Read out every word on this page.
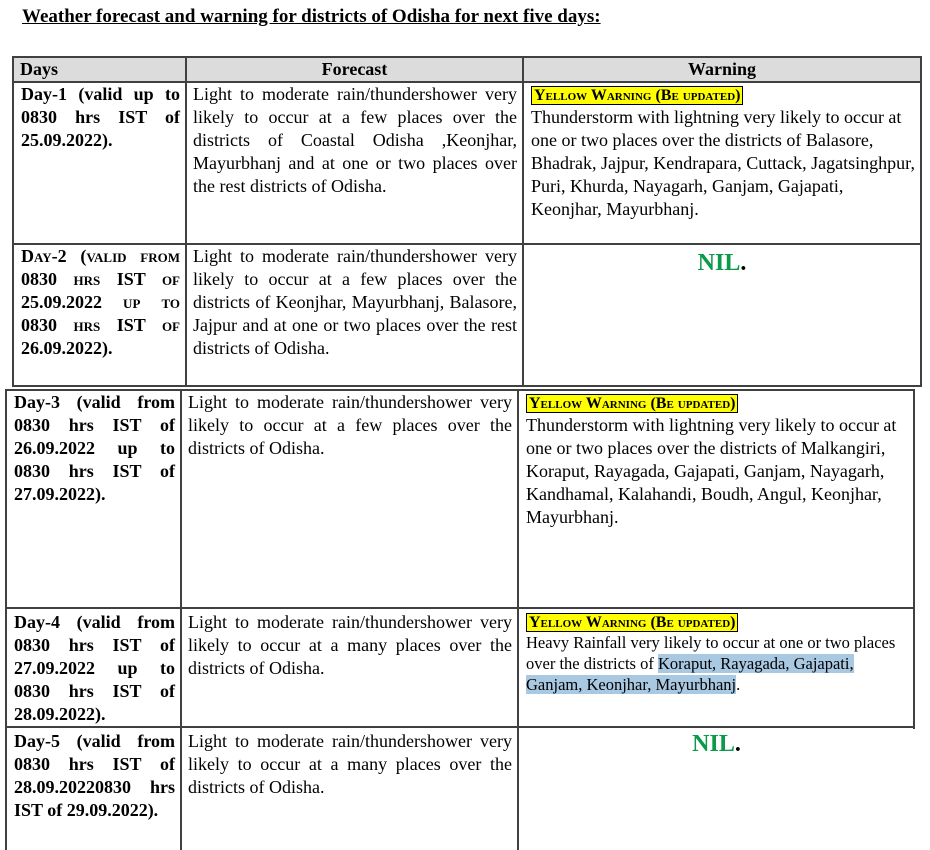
Weather forecast and warning for districts of Odisha for next five days:
Days	Forecast	Warning
Day-1 (valid up to 0830 hrs IST of 25.09.2022).
Light to moderate rain/thundershower very likely to occur at a few places over the districts of Coastal Odisha ,Keonjhar, Mayurbhanj and at one or two places over the rest districts of Odisha.
Yellow Warning (Be updated)
Thunderstorm with lightning very likely to occur at one or two places over the districts of Balasore, Bhadrak, Jajpur, Kendrapara, Cuttack, Jagatsinghpur, Puri, Khurda, Nayagarh, Ganjam, Gajapati, Keonjhar, Mayurbhanj.
Day-2 (valid from 0830 hrs IST of 25.09.2022 up to 0830 hrs IST of 26.09.2022).
Light to moderate rain/thundershower very likely to occur at a few places over the districts of Keonjhar, Mayurbhanj, Balasore, Jajpur and at one or two places over the rest districts of Odisha.
NIL.
Day-3 (valid from 0830 hrs IST of 26.09.2022 up to 0830 hrs IST of 27.09.2022).
Light to moderate rain/thundershower very likely to occur at a few places over the districts of Odisha.
Yellow Warning (Be updated)
Thunderstorm with lightning very likely to occur at one or two places over the districts of Malkangiri, Koraput, Rayagada, Gajapati, Ganjam, Nayagarh, Kandhamal, Kalahandi, Boudh, Angul, Keonjhar, Mayurbhanj.
Day-4 (valid from 0830 hrs IST of 27.09.2022 up to 0830 hrs IST of 28.09.2022).
Light to moderate rain/thundershower very likely to occur at a many places over the districts of Odisha.
Yellow Warning (Be updated)
Heavy Rainfall very likely to occur at one or two places over the districts of Koraput, Rayagada, Gajapati, Ganjam, Keonjhar, Mayurbhanj.
Day-5 (valid from 0830 hrs IST of 28.09.20220830 hrs IST of 29.09.2022).
Light to moderate rain/thundershower very likely to occur at a many places over the districts of Odisha.
NIL.
